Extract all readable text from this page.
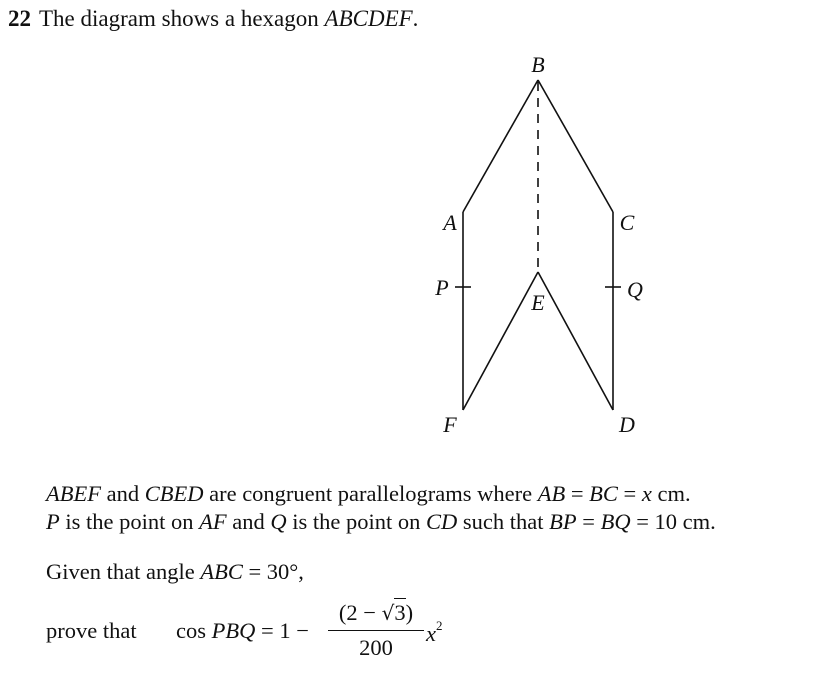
22 The diagram shows a hexagon ABCDEF.
B
A	C
P	Q
E
F	D
ABEF and CBED are congruent parallelograms where AB = BC = x cm.
P is the point on AF and Q is the point on CD such that BP = BQ = 10 cm.
Given that angle ABC = 30°,
prove that cos PBQ = $1 - \frac{(2 - √3)}{200} x^2$
